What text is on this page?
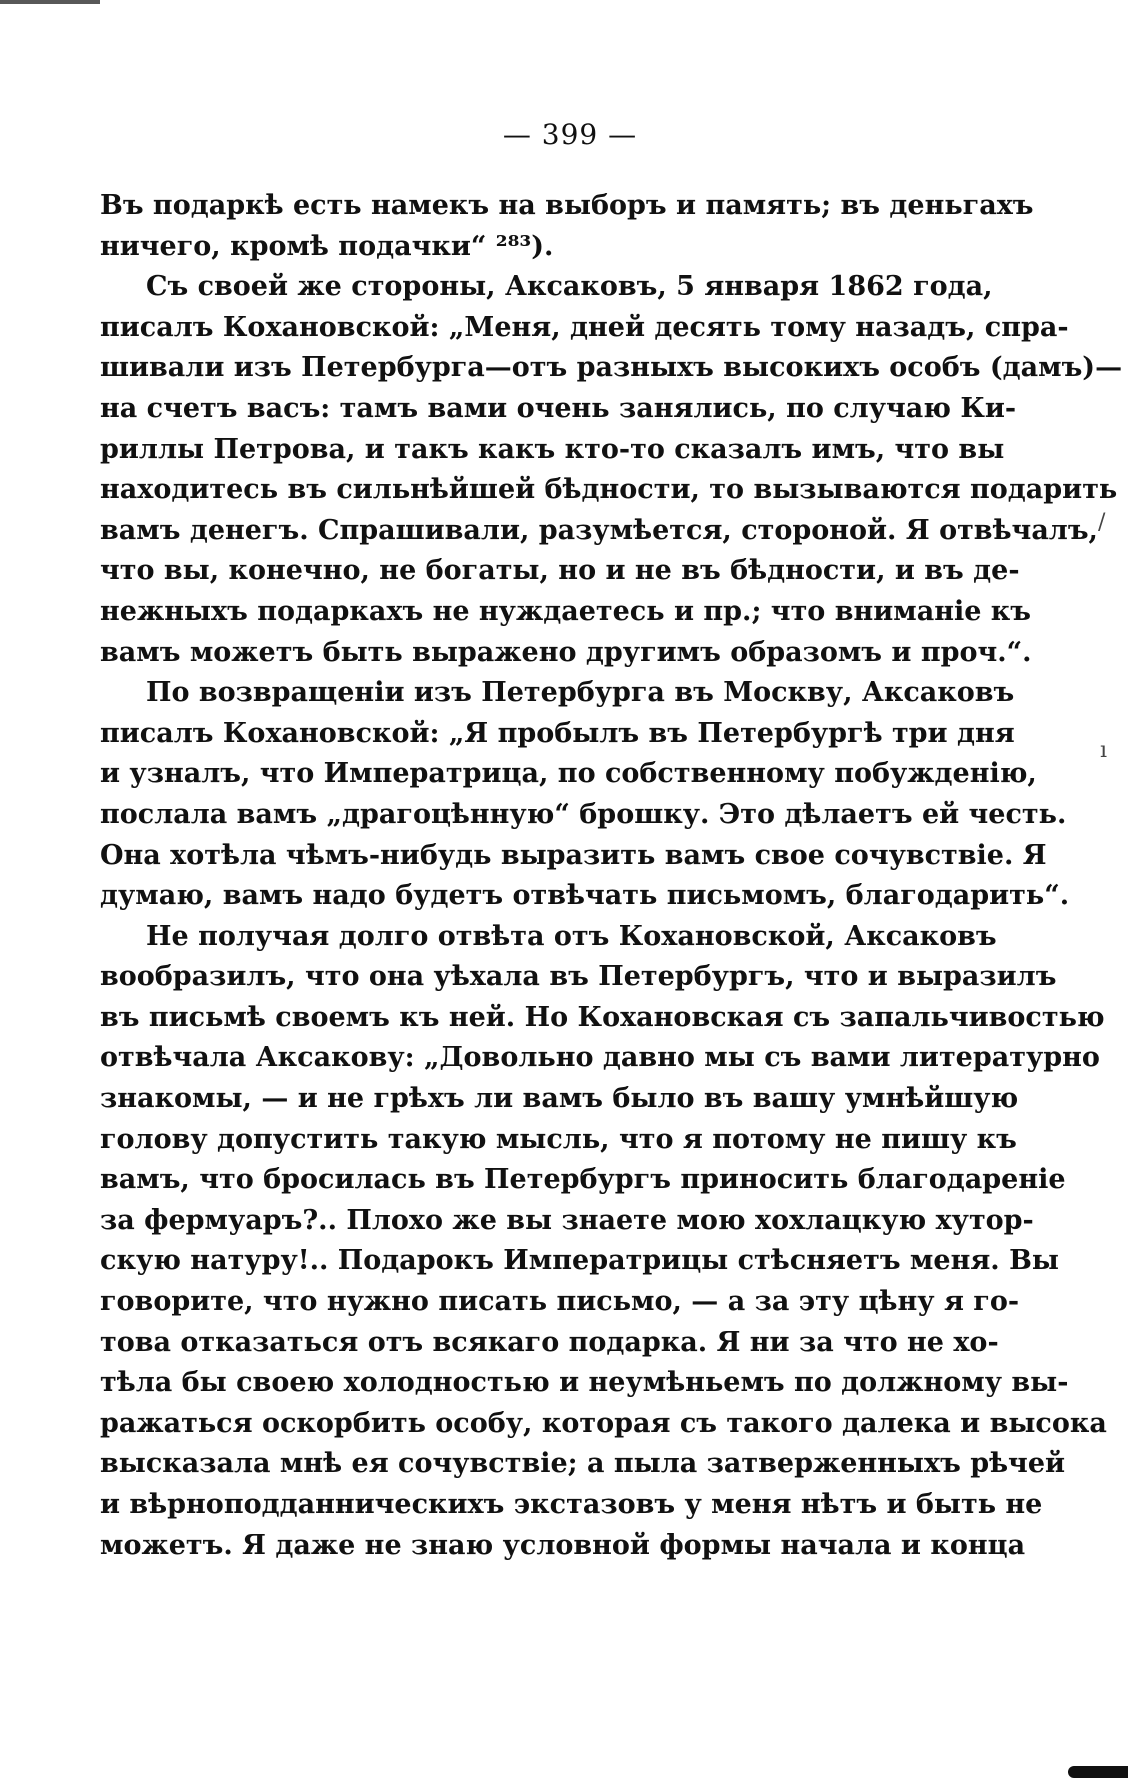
/
ı
— 399 —
Въ подаркѣ есть намекъ на выборъ и память; въ деньгахъ
ничего, кромѣ подачки“ ²⁸³).
Съ своей же стороны, Аксаковъ, 5 января 1862 года,
писалъ Кохановской: „Меня, дней десять тому назадъ, спра-
шивали изъ Петербурга—отъ разныхъ высокихъ особъ (дамъ)—
на счетъ васъ: тамъ вами очень занялись, по случаю Ки-
риллы Петрова, и такъ какъ кто-то сказалъ имъ, что вы
находитесь въ сильнѣйшей бѣдности, то вызываются подарить
вамъ денегъ. Спрашивали, разумѣется, стороной. Я отвѣчалъ,
что вы, конечно, не богаты, но и не въ бѣдности, и въ де-
нежныхъ подаркахъ не нуждаетесь и пр.; что вниманіе къ
вамъ можетъ быть выражено другимъ образомъ и проч.“.
По возвращеніи изъ Петербурга въ Москву, Аксаковъ
писалъ Кохановской: „Я пробылъ въ Петербургѣ три дня
и узналъ, что Императрица, по собственному побужденію,
послала вамъ „драгоцѣнную“ брошку. Это дѣлаетъ ей честь.
Она хотѣла чѣмъ-нибудь выразить вамъ свое сочувствіе. Я
думаю, вамъ надо будетъ отвѣчать письмомъ, благодарить“.
Не получая долго отвѣта отъ Кохановской, Аксаковъ
вообразилъ, что она уѣхала въ Петербургъ, что и выразилъ
въ письмѣ своемъ къ ней. Но Кохановская съ запальчивостью
отвѣчала Аксакову: „Довольно давно мы съ вами литературно
знакомы, — и не грѣхъ ли вамъ было въ вашу умнѣйшую
голову допустить такую мысль, что я потому не пишу къ
вамъ, что бросилась въ Петербургъ приносить благодареніе
за фермуаръ?.. Плохо же вы знаете мою хохлацкую хутор-
скую натуру!.. Подарокъ Императрицы стѣсняетъ меня. Вы
говорите, что нужно писать письмо, — а за эту цѣну я го-
това отказаться отъ всякаго подарка. Я ни за что не хо-
тѣла бы своею холодностью и неумѣньемъ по должному вы-
ражаться оскорбить особу, которая съ такого далека и высока
высказала мнѣ ея сочувствіе; а пыла затверженныхъ рѣчей
и вѣрноподданническихъ экстазовъ у меня нѣтъ и быть не
можетъ. Я даже не знаю условной формы начала и конца
